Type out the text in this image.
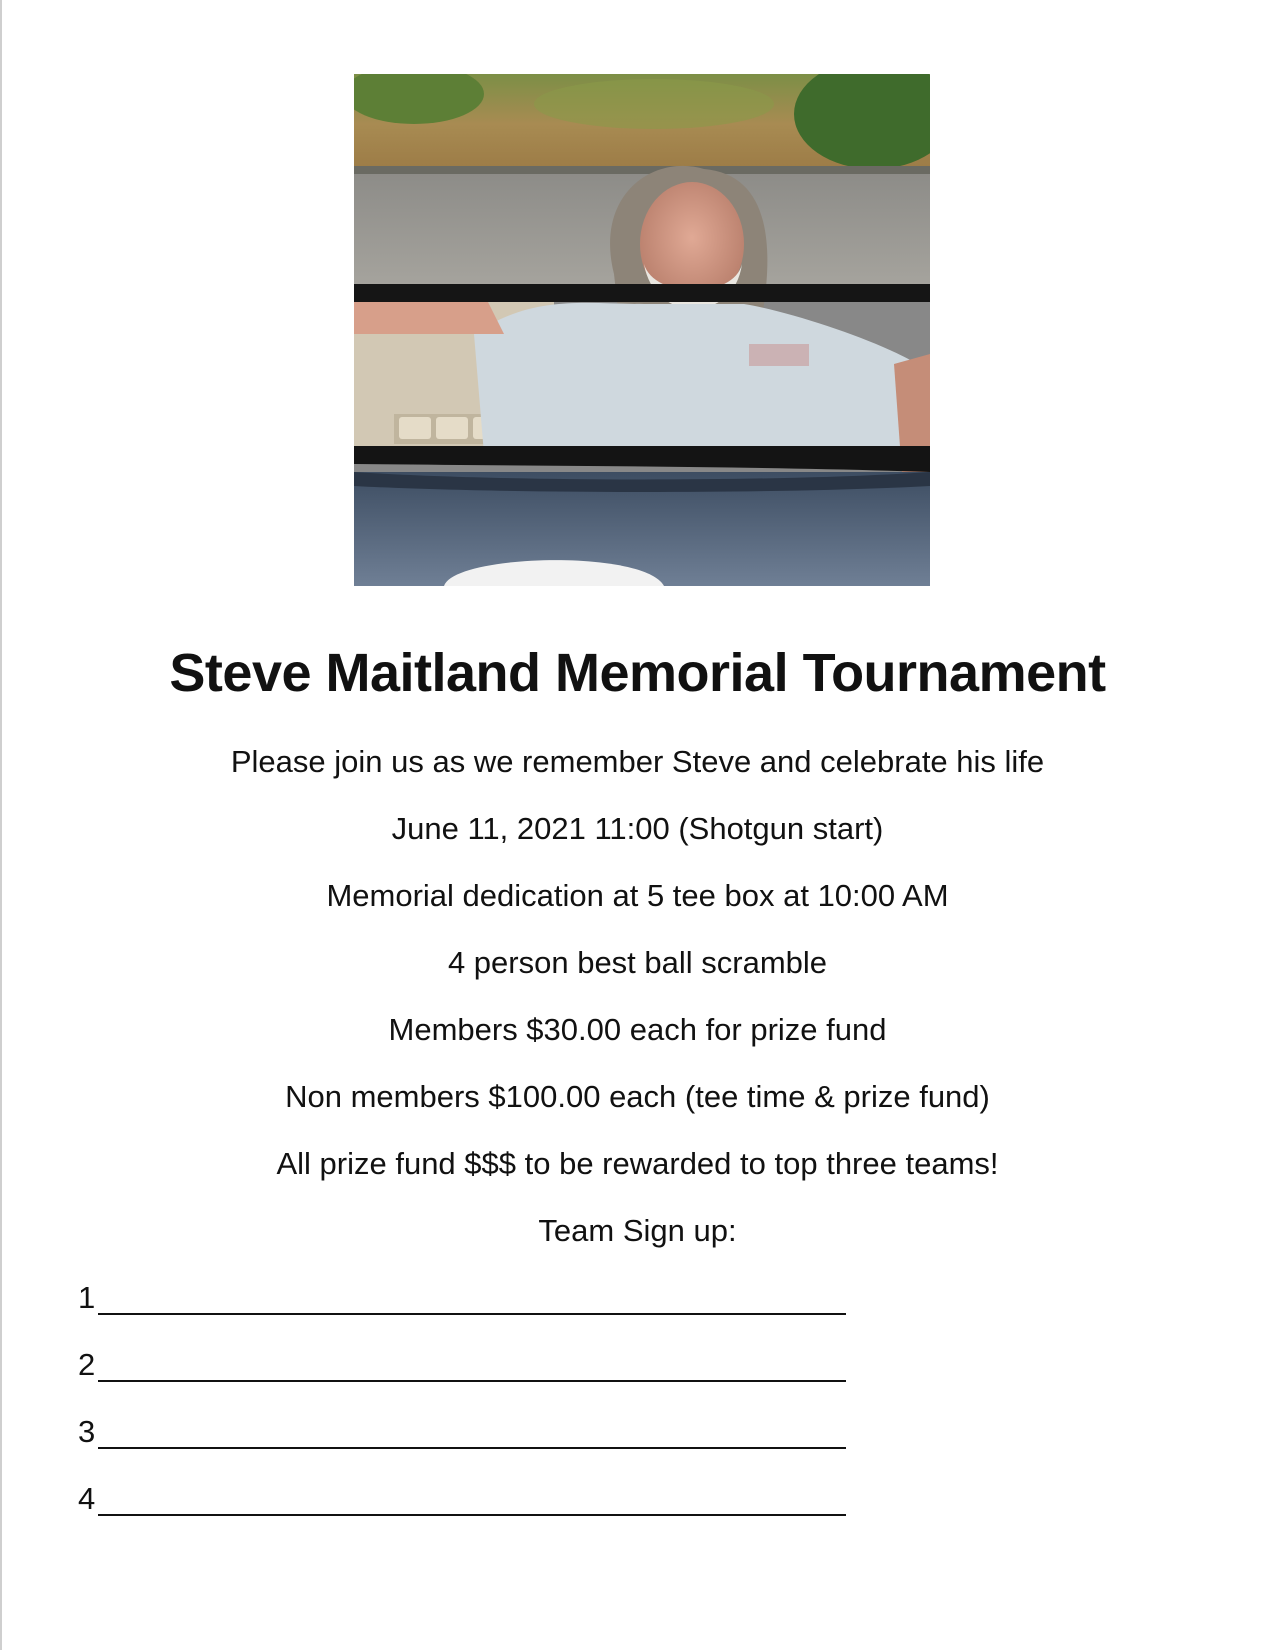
Steve Maitland Memorial Tournament
Please join us as we remember Steve and celebrate his life
June 11, 2021 11:00 (Shotgun start)
Memorial dedication at 5 tee box at 10:00 AM
4 person best ball scramble
Members $30.00 each for prize fund
Non members $100.00 each (tee time & prize fund)
All prize fund $$$ to be rewarded to top three teams!
Team Sign up:
1
2
3
4
